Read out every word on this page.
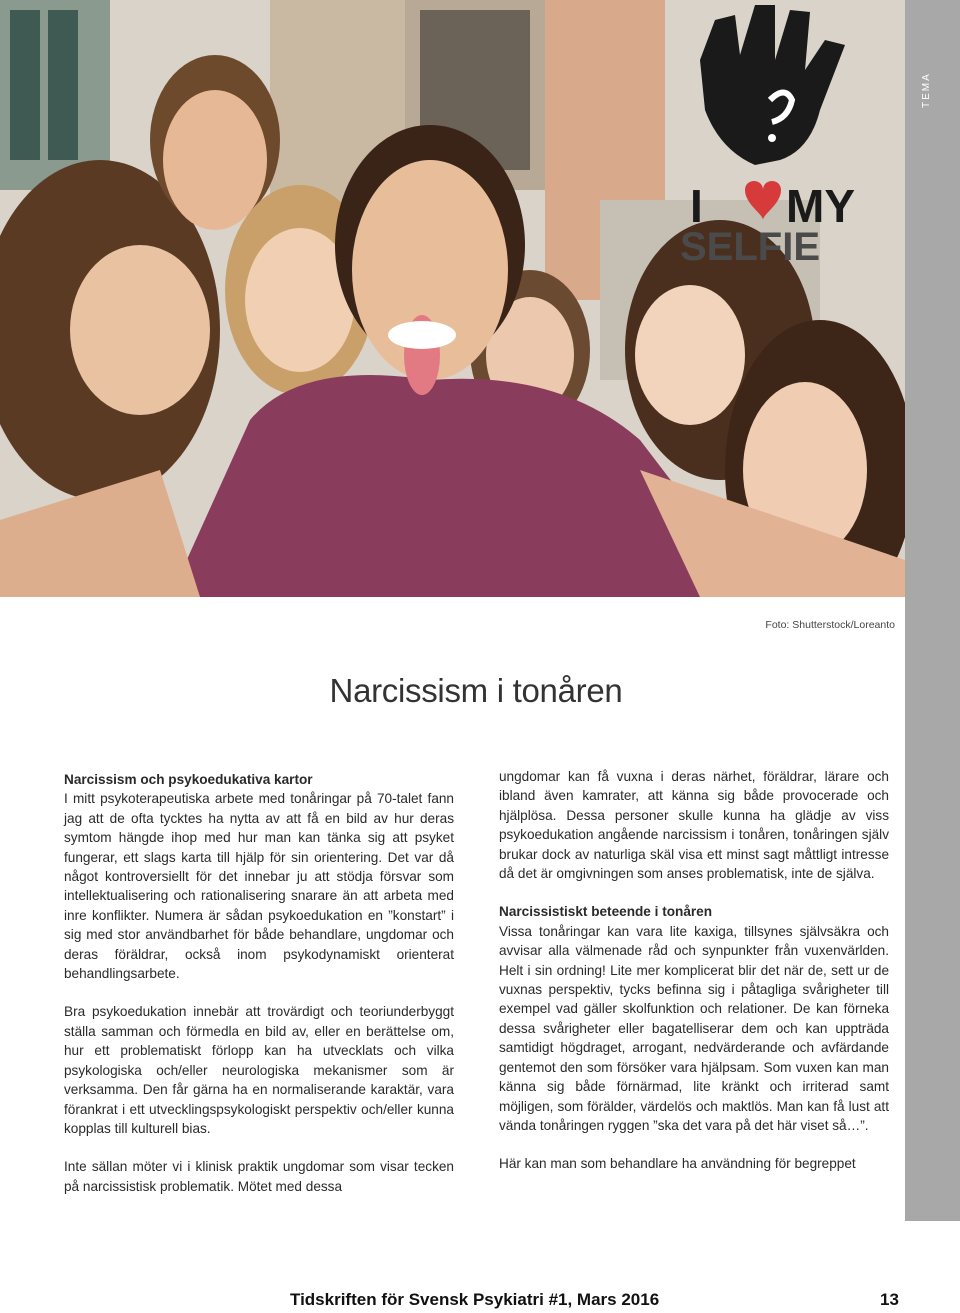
I MY
SELFIE
TEMA
Foto: Shutterstock/Loreanto
Narcissism i tonåren
Narcissism och psykoedukativa kartor

I mitt psykoterapeutiska arbete med tonåringar på 70-talet fann jag att de ofta tycktes ha nytta av att få en bild av hur deras symtom hängde ihop med hur man kan tänka sig att psyket fungerar, ett slags karta till hjälp för sin orientering. Det var då något kontroversiellt för det innebar ju att stödja försvar som intellektualisering och rationalisering snarare än att arbeta med inre konflikter. Numera är sådan psykoedukation en ”konstart” i sig med stor användbarhet för både behandlare, ungdomar och deras föräldrar, också inom psykodynamiskt orienterat behandlingsarbete.

Bra psykoedukation innebär att trovärdigt och teoriunderbyggt ställa samman och förmedla en bild av, eller en berättelse om, hur ett problematiskt förlopp kan ha utvecklats och vilka psykologiska och/eller neurologiska mekanismer som är verksamma. Den får gärna ha en normaliserande karaktär, vara förankrat i ett utvecklingspsykologiskt perspektiv och/eller kunna kopplas till kulturell bias.

Inte sällan möter vi i klinisk praktik ungdomar som visar tecken på narcissistisk problematik. Mötet med dessa

ungdomar kan få vuxna i deras närhet, föräldrar, lärare och ibland även kamrater, att känna sig både provocerade och hjälplösa. Dessa personer skulle kunna ha glädje av viss psykoedukation angående narcissism i tonåren, tonåringen själv brukar dock av naturliga skäl visa ett minst sagt måttligt intresse då det är omgivningen som anses problematisk, inte de själva.

Narcissistiskt beteende i tonåren

Vissa tonåringar kan vara lite kaxiga, tillsynes självsäkra och avvisar alla välmenade råd och synpunkter från vuxenvärlden. Helt i sin ordning! Lite mer komplicerat blir det när de, sett ur de vuxnas perspektiv, tycks befinna sig i påtagliga svårigheter till exempel vad gäller skolfunktion och relationer. De kan förneka dessa svårigheter eller bagatelliserar dem och kan uppträda samtidigt högdraget, arrogant, nedvärderande och avfärdande gentemot den som försöker vara hjälpsam. Som vuxen kan man känna sig både förnärmad, lite kränkt och irriterad samt möjligen, som förälder, värdelös och maktlös. Man kan få lust att vända tonåringen ryggen ”ska det vara på det här viset så…”.

Här kan man som behandlare ha användning för begreppet

Tidskriften för Svensk Psykiatri #1, Mars 2016	13
